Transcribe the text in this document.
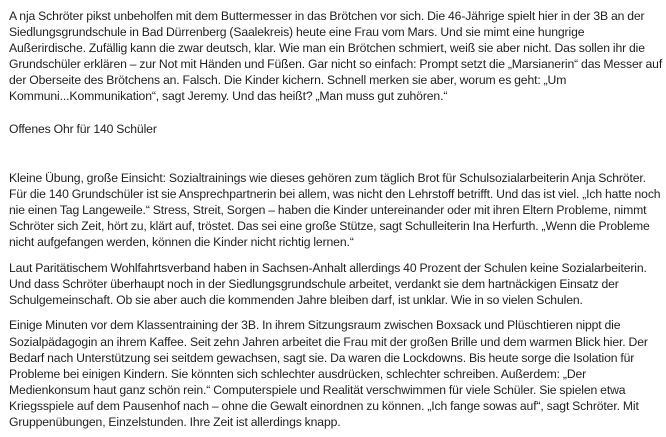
A nja Schröter pikst unbeholfen mit dem Buttermesser in das Brötchen vor sich. Die 46-Jährige spielt hier in der 3B an der Siedlungsgrundschule in Bad Dürrenberg (Saalekreis) heute eine Frau vom Mars. Und sie mimt eine hungrige Außerirdische. Zufällig kann die zwar deutsch, klar. Wie man ein Brötchen schmiert, weiß sie aber nicht. Das sollen ihr die Grundschüler erklären – zur Not mit Händen und Füßen. Gar nicht so einfach: Prompt setzt die „Marsianerin“ das Messer auf der Oberseite des Brötchens an. Falsch. Die Kinder kichern. Schnell merken sie aber, worum es geht: „Um Kommuni...Kommunikation“, sagt Jeremy. Und das heißt? „Man muss gut zuhören.“

Offenes Ohr für 140 Schüler

Kleine Übung, große Einsicht: Sozialtrainings wie dieses gehören zum täglich Brot für Schulsozialarbeiterin Anja Schröter. Für die 140 Grundschüler ist sie Ansprechpartnerin bei allem, was nicht den Lehrstoff betrifft. Und das ist viel. „Ich hatte noch nie einen Tag Langeweile.“ Stress, Streit, Sorgen – haben die Kinder untereinander oder mit ihren Eltern Probleme, nimmt Schröter sich Zeit, hört zu, klärt auf, tröstet. Das sei eine große Stütze, sagt Schulleiterin Ina Herfurth. „Wenn die Probleme nicht aufgefangen werden, können die Kinder nicht richtig lernen.“

Laut Paritätischem Wohlfahrtsverband haben in Sachsen-Anhalt allerdings 40 Prozent der Schulen keine Sozialarbeiterin. Und dass Schröter überhaupt noch in der Siedlungsgrundschule arbeitet, verdankt sie dem hartnäckigen Einsatz der Schulgemeinschaft. Ob sie aber auch die kommenden Jahre bleiben darf, ist unklar. Wie in so vielen Schulen.

Einige Minuten vor dem Klassentraining der 3B. In ihrem Sitzungsraum zwischen Boxsack und Plüschtieren nippt die Sozialpädagogin an ihrem Kaffee. Seit zehn Jahren arbeitet die Frau mit der großen Brille und dem warmen Blick hier. Der Bedarf nach Unterstützung sei seitdem gewachsen, sagt sie. Da waren die Lockdowns. Bis heute sorge die Isolation für Probleme bei einigen Kindern. Sie könnten sich schlechter ausdrücken, schlechter schreiben. Außerdem: „Der Medienkonsum haut ganz schön rein.“ Computerspiele und Realität verschwimmen für viele Schüler. Sie spielen etwa Kriegsspiele auf dem Pausenhof nach – ohne die Gewalt einordnen zu können. „Ich fange sowas auf“, sagt Schröter. Mit Gruppenübungen, Einzelstunden. Ihre Zeit ist allerdings knapp.
